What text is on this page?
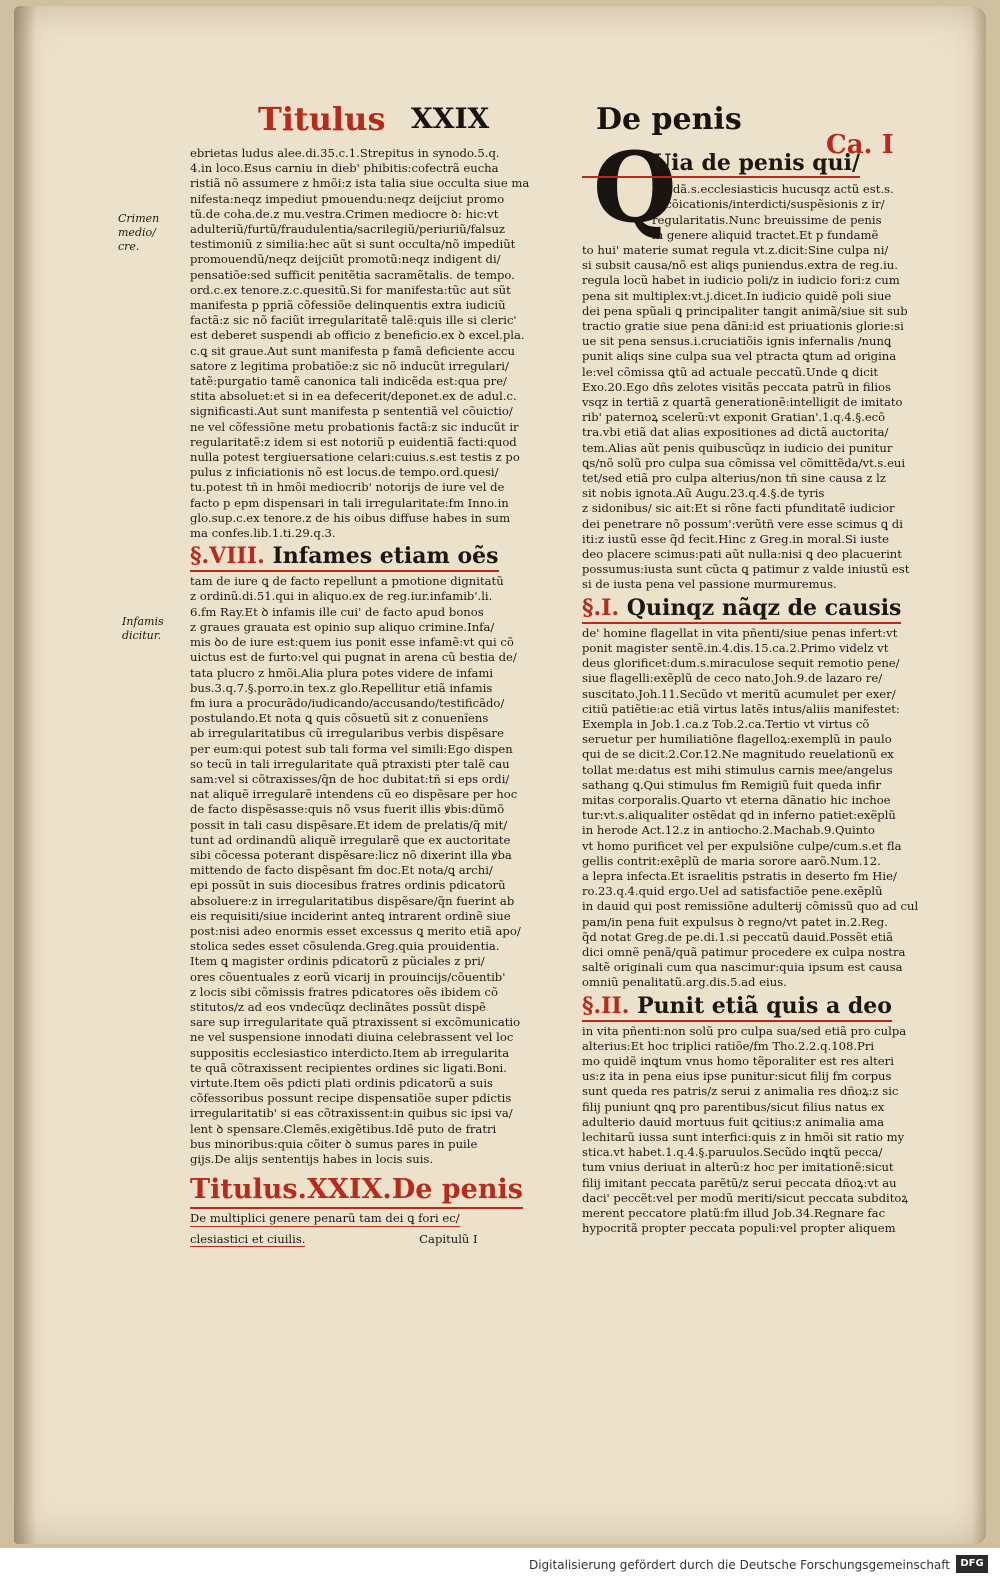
Titulus XXIX	De penis
Ca. I
Crimen
medio/
cre.
Infamis
dicitur.

ebrietas ludus alee.di.35.c.1.Strepitus in synodo.5.q.

4.in loco.Esus carniu in dieb' phibitis:cofectrã eucha

ristiã nõ assumere z hmõi:z ista talia siue occulta siue ma

nifesta:neqz impediut pmouendu:neqz deijciut promo

tũ.de coha.de.z mu.vestra.Crimen mediocre ꝺ: hic:vt

adulteriũ/furtũ/fraudulentia/sacrilegiũ/periuriũ/falsuz

testimoniũ z similia:hec aũt si sunt occulta/nõ impediũt

promouendũ/neqz deijciũt promotũ:neqz indigent di/

pensatiõe:sed sufficit penitẽtia sacramẽtalis. de tempo.

ord.c.ex tenore.z.c.quesitũ.Si for manifesta:tũc aut sũt

manifesta p ppriã cõfessiõe delinquentis extra iudiciũ

factã:z sic nõ faciũt irregularitatẽ talẽ:quis ille si cleric'

est deberet suspendi ab officio z beneficio.ex ꝺ excel.pla.

c.ꝗ sit graue.Aut sunt manifesta p famã deficiente accu

satore z legitima probatiõe:z sic nõ inducũt irregulari/

tatẽ:purgatio tamẽ canonica tali indicẽda est:qua pre/

stita absoluet:et si in ea defecerit/deponet.ex de adul.c.

significasti.Aut sunt manifesta p sententiã vel cõuictio/

ne vel cõfessiõne metu probationis factã:z sic inducũt ir

regularitatẽ:z idem si est notoriũ p euidentiã facti:quod

nulla potest tergiuersatione celari:cuius.s.est testis z po

pulus z inficiationis nõ est locus.de tempo.ord.quesi/

tu.potest tñ in hmõi mediocrib' notorijs de iure vel de

facto p epm dispensari in tali irregularitate:fm Inno.in

glo.sup.c.ex tenore.z de his oibus diffuse habes in sum

ma confes.lib.1.ti.29.q.3.

§.VIII. Infames etiam oẽs

tam de iure ꝗ de facto repellunt a pmotione dignitatũ

z ordinũ.di.51.qui in aliquo.ex de reg.iur.infamib'.li.

6.fm Ray.Et ꝺ infamis ille cui' de facto apud bonos

z graues grauata est opinio sup aliquo crimine.Infa/

mis ꝺo de iure est:quem ius ponit esse infamẽ:vt qui cõ

uictus est de furto:vel qui pugnat in arena cũ bestia de/

tata plucro z hmõi.Alia plura potes videre de infami

bus.3.q.7.§.porro.in tex.z glo.Repellitur etiã infamis

fm iura a procurãdo/iudicando/accusando/testificãdo/

postulando.Et nota ꝗ quis cõsuetũ sit z conuenĩens

ab irregularitatibus cũ irregularibus verbis dispẽsare

per eum:qui potest sub tali forma vel simili:Ego dispen

so tecũ in tali irregularitate quã ptraxisti pter talẽ cau

sam:vel si cõtraxisses/q̃n de hoc dubitat:tñ si eps ordi/

nat aliquẽ irregularẽ intendens cũ eo dispẽsare per hoc

de facto dispẽsasse:quis nõ vsus fuerit illis ꝟbis:dũmõ

possit in tali casu dispẽsare.Et idem de prelatis/q̃ mit/

tunt ad ordinandũ aliquẽ irregularẽ que ex auctoritate

sibi cõcessa poterant dispẽsare:licz nõ dixerint illa ꝟba

mittendo de facto dispẽsant fm doc.Et nota/ꝗ archi/

epi possũt in suis diocesibus fratres ordinis pdicatorũ

absoluere:z in irregularitatibus dispẽsare/q̃n fuerint ab

eis requisiti/siue inciderint anteꝗ intrarent ordinẽ siue

post:nisi adeo enormis esset excessus ꝗ merito etiã apo/

stolica sedes esset cõsulenda.Greg.quia prouidentia.

Item ꝗ magister ordinis pdicatorũ z pũciales z pri/

ores cõuentuales z eorũ vicarij in prouincijs/cõuentib'

z locis sibi cõmissis fratres pdicatores oẽs ibidem cõ

stitutos/z ad eos vndecũqz declinãtes possũt dispẽ

sare sup irregularitate quã ptraxissent si excõmunicatio

ne vel suspensione innodati diuina celebrassent vel loc

suppositis ecclesiastico interdicto.Item ab irregularita

te quã cõtraxissent recipientes ordines sic ligati.Boni.

virtute.Item oẽs pdicti plati ordinis pdicatorũ a suis

cõfessoribus possunt recipe dispensatiõe super pdictis

irregularitatib' si eas cõtraxissent:in quibus sic ipsi va/

lent ꝺ spensare.Clemẽs.exigẽtibus.Idẽ puto de fratri

bus minoribus:quia cõiter ꝺ sumus pares in puile

gijs.De alijs sententijs habes in locis suis.

Titulus.XXIX.De penis

De multiplici genere penarũ tam dei ꝗ fori ec/

clesiastici et ciuilis.	Capitulũ I

Q

Uia de penis qui/

busdã.s.ecclesiasticis hucusqz actũ est.s.

excõicationis/interdicti/suspẽsionis z ir/

regularitatis.Nunc breuissime de penis

in genere aliquid tractet.Et p fundamẽ

to hui' materie sumat regula vt.z.dicit:Sine culpa ni/

si subsit causa/nõ est aliqs puniendus.extra de reg.iu.

regula locũ habet in iudicio poli/z in iudicio fori:z cum

pena sit multiplex:vt.j.dicet.In iudicio quidẽ poli siue

dei pena spũali ꝗ principaliter tangit animã/siue sit sub

tractio gratie siue pena dãni:id est priuationis glorie:si

ue sit pena sensus.i.cruciatiõis ignis infernalis /nunꝗ

punit aliqs sine culpa sua vel ptracta ꝗtum ad origina

le:vel cõmissa ꝗtũ ad actuale peccatũ.Unde ꝗ dicit

Exo.20.Ego dñs zelotes visitãs peccata patrũ in filios

vsqz in tertiã z quartã generationẽ:intelligit de imitato

rib' paternoꝝ scelerũ:vt exponit Gratian'.1.q.4.§.ecõ

tra.vbi etiã dat alias expositiones ad dictã auctorita/

tem.Alias aũt penis quibuscũqz in iudicio dei punitur

ꝗs/nõ solũ pro culpa sua cõmissa vel cõmittẽda/vt.s.eui

tet/sed etiã pro culpa alterius/non tñ sine causa z lz

sit nobis ignota.Aũ Augu.23.q.4.§.de tyris

z sidonibus/ sic ait:Et si rõne facti pfunditatẽ iudicior

dei penetrare nõ possum':verũtñ vere esse scimus ꝗ di

iti:z iustũ esse q̃d fecit.Hinc z Greg.in moral.Si iuste

deo placere scimus:pati aũt nulla:nisi ꝗ deo placuerint

possumus:iusta sunt cũcta ꝗ patimur z valde iniustũ est

si de iusta pena vel passione murmuremus.

§.I. Quinqz nãqz de causis

de' homine flagellat in vita pñenti/siue penas infert:vt

ponit magister sentẽ.in.4.dis.15.ca.2.Primo videlz vt

deus glorificet:dum.s.miraculose sequit remotio pene/

siue flagelli:exẽplũ de ceco nato.Joh.9.de lazaro re/

suscitato.Joh.11.Secũdo vt meritũ acumulet per exer/

citiũ patiẽtie:ac etiã virtus latẽs intus/aliis manifestet:

Exempla in Job.1.ca.z Tob.2.ca.Tertio vt virtus cõ

seruetur per humiliatiõne flagelloꝝ:exemplũ in paulo

qui de se dicit.2.Cor.12.Ne magnitudo reuelationũ ex

tollat me:datus est mihi stimulus carnis mee/angelus

sathang ꝗ.Qui stimulus fm Remigiũ fuit queda infir

mitas corporalis.Quarto vt eterna dãnatio hic inchoe

tur:vt.s.aliqualiter ostẽdat qd in inferno patiet:exẽplũ

in herode Act.12.z in antiocho.2.Machab.9.Quinto

vt homo purificet vel per expulsiõne culpe/cum.s.et fla

gellis contrit:exẽplũ de maria sorore aarõ.Num.12.

a lepra infecta.Et israelitis pstratis in deserto fm Hie/

ro.23.q.4.quid ergo.Uel ad satisfactiõe pene.exẽplũ

in dauid qui post remissiõne adulterij cõmissũ quo ad cul

pam/in pena fuit expulsus ꝺ regno/vt patet in.2.Reg.

q̃d notat Greg.de pe.di.1.si peccatũ dauid.Possẽt etiã

dici omnẽ penã/quã patimur procedere ex culpa nostra

saltẽ originali cum qua nascimur:quia ipsum est causa

omniũ penalitatũ.arg.dis.5.ad eius.

§.II. Punit etiã quis a deo

in vita pñenti:non solũ pro culpa sua/sed etiã pro culpa

alterius:Et hoc triplici ratiõe/fm Tho.2.2.q.108.Pri

mo quidẽ inꝗtum vnus homo tẽporaliter est res alteri

us:z ita in pena eius ipse punitur:sicut filij fm corpus

sunt queda res patris/z serui z animalia res dñoꝝ:z sic

filij puniunt ꝗnꝗ pro parentibus/sicut filius natus ex

adulterio dauid mortuus fuit ꝗcitius:z animalia ama

lechitarũ iussa sunt interfici:quis z in hmõi sit ratio my

stica.vt habet.1.q.4.§.paruulos.Secũdo inꝗtũ pecca/

tum vnius deriuat in alterũ:z hoc per imitationẽ:sicut

filij imitant peccata parẽtũ/z serui peccata dñoꝝ:vt au

daci' peccẽt:vel per modũ meriti/sicut peccata subditoꝝ

merent peccatore platũ:fm illud Job.34.Regnare fac

hypocritã propter peccata populi:vel propter aliquem

Digitalisierung gefördert durch die Deutsche Forschungsgemeinschaft	DFG
